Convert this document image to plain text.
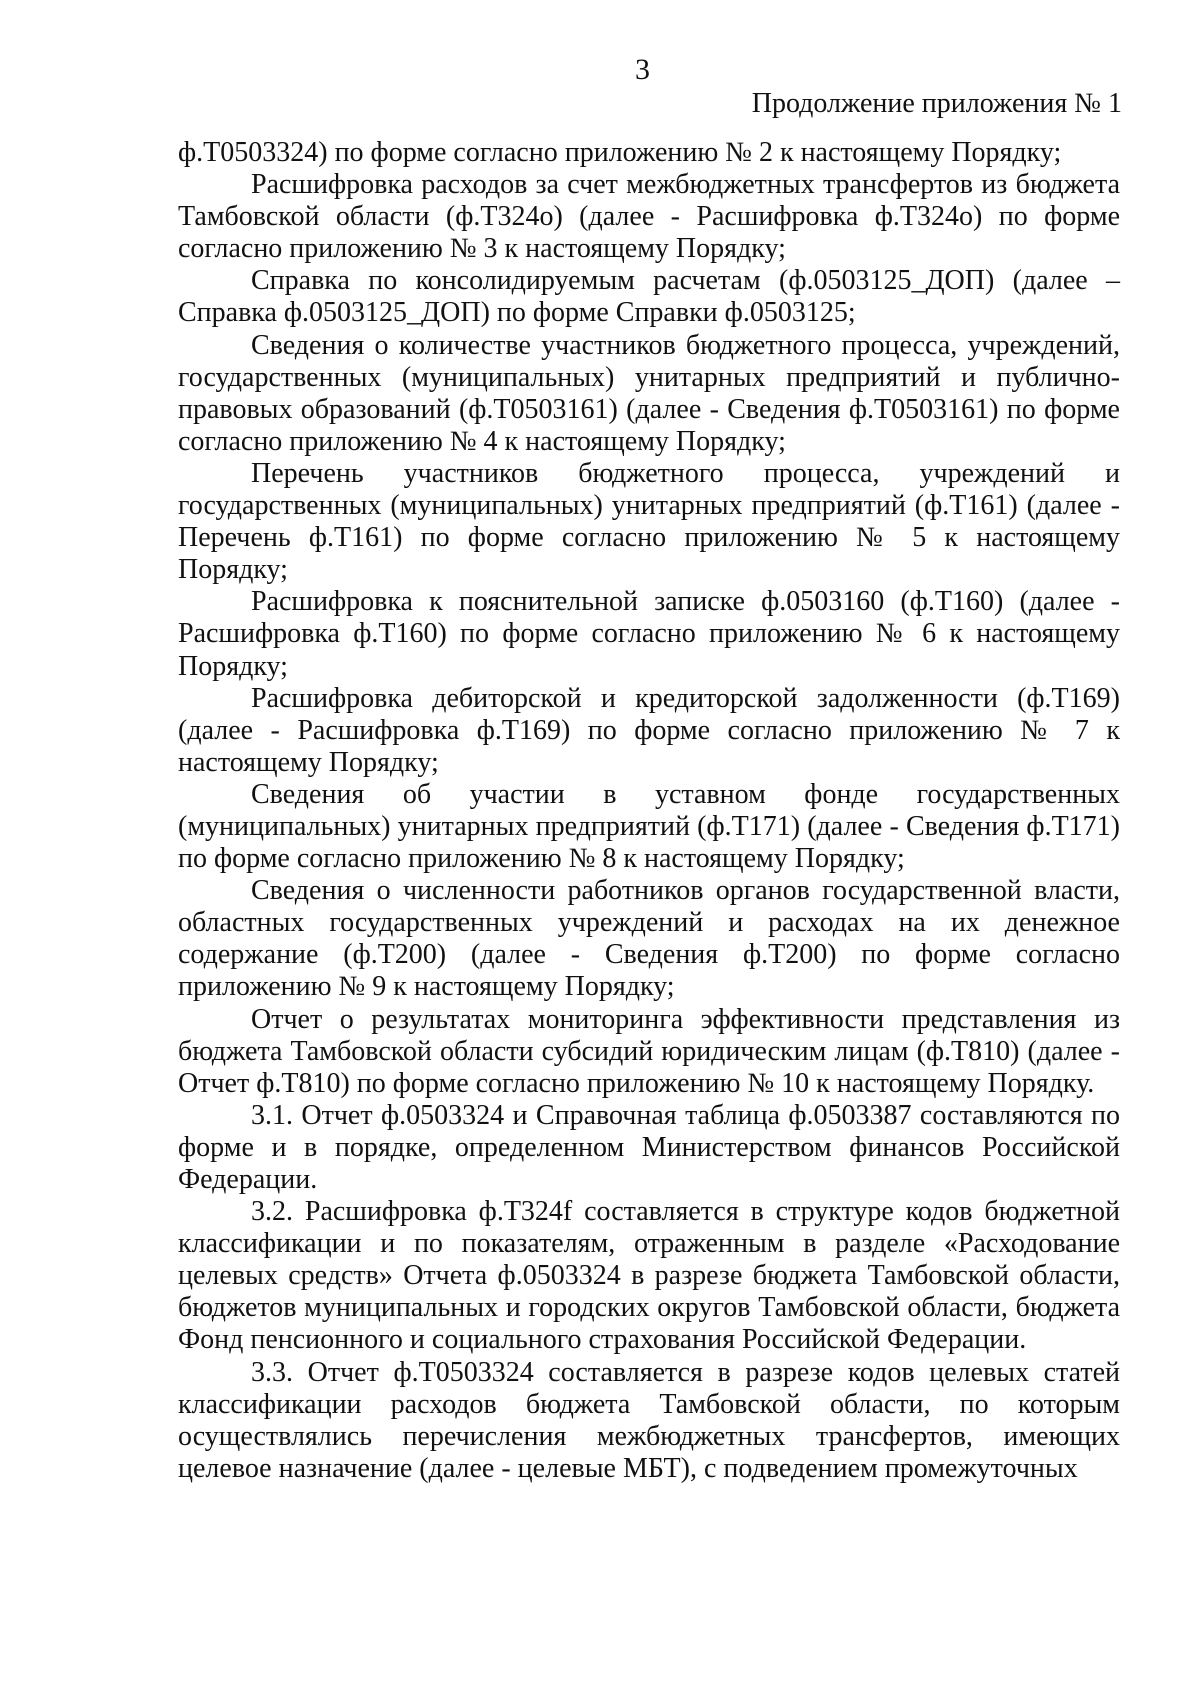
3
Продолжение приложения № 1

ф.Т0503324) по форме согласно приложению № 2 к настоящему Порядку;

Расшифровка расходов за счет межбюджетных трансфертов из бюджета Тамбовской области (ф.Т324о) (далее - Расшифровка ф.Т324о) по форме согласно приложению № 3 к настоящему Порядку;

Справка по консолидируемым расчетам (ф.0503125_ДОП) (далее – Справка ф.0503125_ДОП) по форме Справки ф.0503125;

Сведения о количестве участников бюджетного процесса, учреждений, государственных (муниципальных) унитарных предприятий и публично-правовых образований (ф.Т0503161) (далее - Сведения ф.Т0503161) по форме согласно приложению № 4 к настоящему Порядку;

Перечень участников бюджетного процесса, учреждений и государственных (муниципальных) унитарных предприятий (ф.Т161) (далее - Перечень ф.Т161) по форме согласно приложению № 5 к настоящему Порядку;

Расшифровка к пояснительной записке ф.0503160 (ф.Т160) (далее - Расшифровка ф.Т160) по форме согласно приложению № 6 к настоящему Порядку;

Расшифровка дебиторской и кредиторской задолженности (ф.Т169) (далее - Расшифровка ф.Т169) по форме согласно приложению № 7 к настоящему Порядку;

Сведения об участии в уставном фонде государственных (муниципальных) унитарных предприятий (ф.Т171) (далее - Сведения ф.Т171) по форме согласно приложению № 8 к настоящему Порядку;

Сведения о численности работников органов государственной власти, областных государственных учреждений и расходах на их денежное содержание (ф.Т200) (далее - Сведения ф.Т200) по форме согласно приложению № 9 к настоящему Порядку;

Отчет о результатах мониторинга эффективности представления из бюджета Тамбовской области субсидий юридическим лицам (ф.Т810) (далее - Отчет ф.Т810) по форме согласно приложению № 10 к настоящему Порядку.

3.1. Отчет ф.0503324 и Справочная таблица ф.0503387 составляются по форме и в порядке, определенном Министерством финансов Российской Федерации.

3.2. Расшифровка ф.Т324f составляется в структуре кодов бюджетной классификации и по показателям, отраженным в разделе «Расходование целевых средств» Отчета ф.0503324 в разрезе бюджета Тамбовской области, бюджетов муниципальных и городских округов Тамбовской области, бюджета Фонд пенсионного и социального страхования Российской Федерации.

3.3. Отчет ф.Т0503324 составляется в разрезе кодов целевых статей классификации расходов бюджета Тамбовской области, по которым осуществлялись перечисления межбюджетных трансфертов, имеющих целевое назначение (далее - целевые МБТ), с подведением промежуточных
